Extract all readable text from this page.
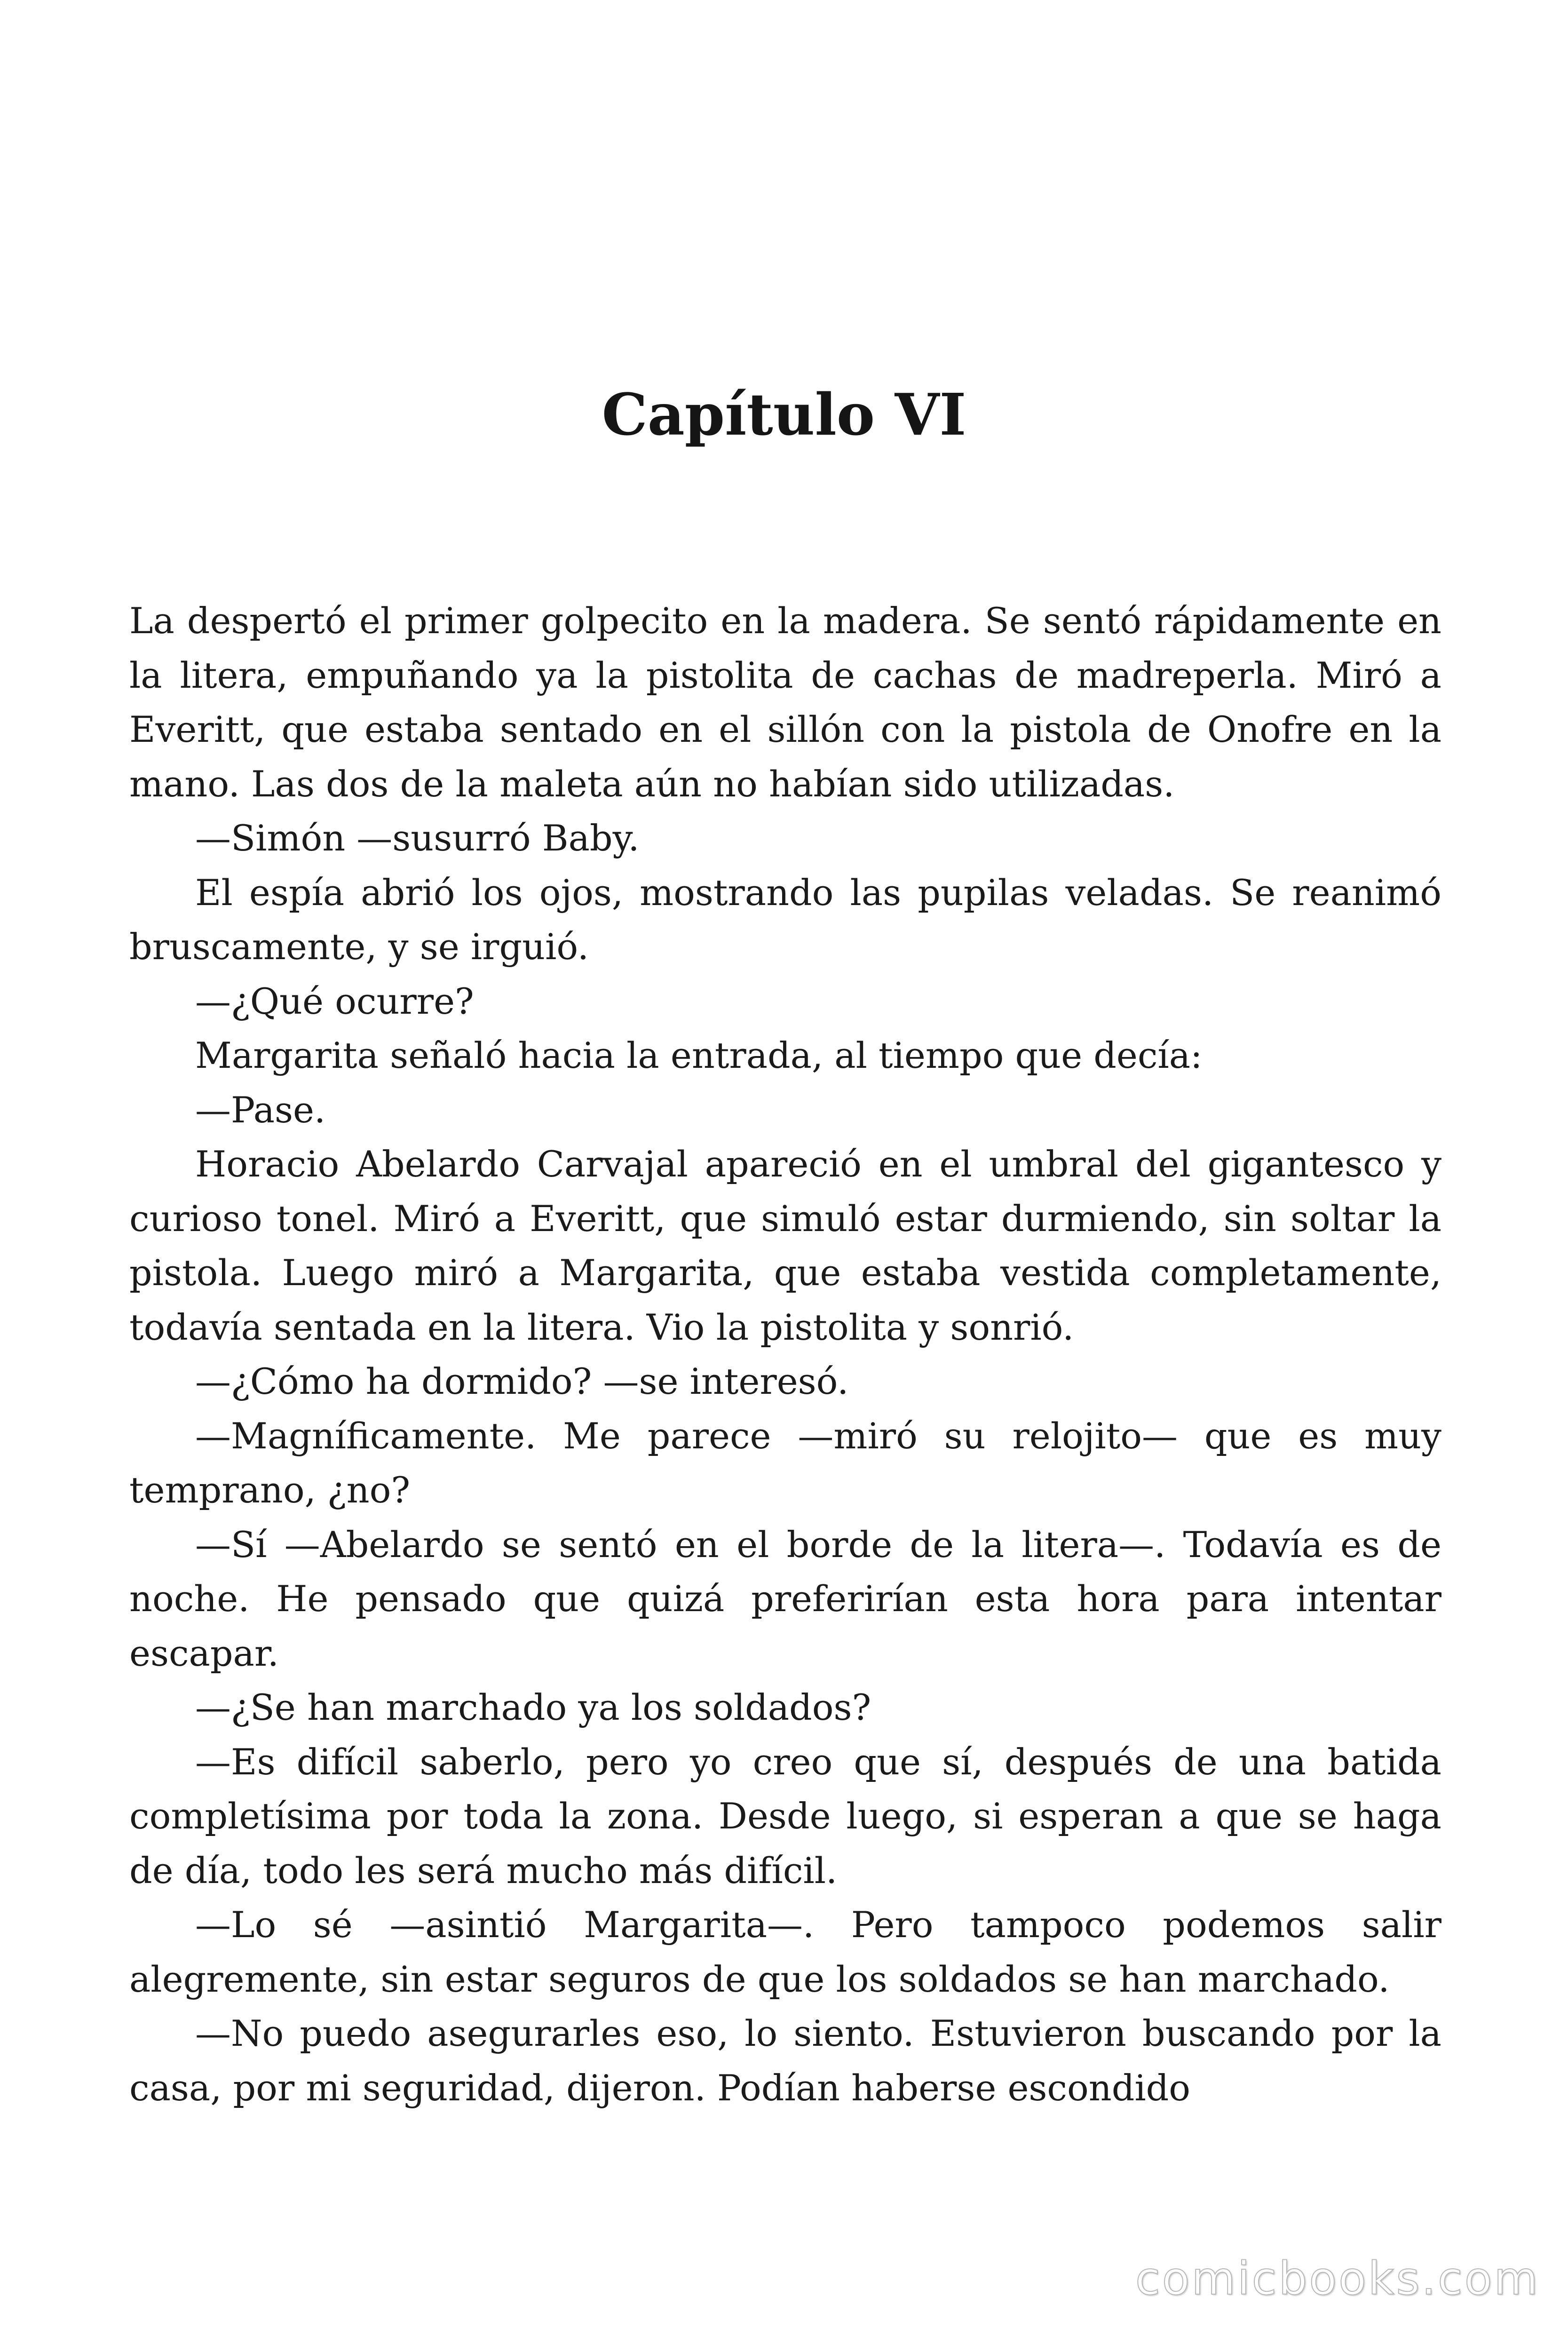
Capítulo VI

La despertó el primer golpecito en la madera. Se sentó rápidamente en la litera, empuñando ya la pistolita de cachas de madreperla. Miró a Everitt, que estaba sentado en el sillón con la pistola de Onofre en la mano. Las dos de la maleta aún no habían sido utilizadas.

—Simón —susurró Baby.

El espía abrió los ojos, mostrando las pupilas veladas. Se reanimó bruscamente, y se irguió.

—¿Qué ocurre?

Margarita señaló hacia la entrada, al tiempo que decía:

—Pase.

Horacio Abelardo Carvajal apareció en el umbral del gigantesco y curioso tonel. Miró a Everitt, que simuló estar durmiendo, sin soltar la pistola. Luego miró a Margarita, que estaba vestida completamente, todavía sentada en la litera. Vio la pistolita y sonrió.

—¿Cómo ha dormido? —se interesó.

—Magníficamente. Me parece —miró su relojito— que es muy temprano, ¿no?

—Sí —Abelardo se sentó en el borde de la litera—. Todavía es de noche. He pensado que quizá preferirían esta hora para intentar escapar.

—¿Se han marchado ya los soldados?

—Es difícil saberlo, pero yo creo que sí, después de una batida completísima por toda la zona. Desde luego, si esperan a que se haga de día, todo les será mucho más difícil.

—Lo sé —asintió Margarita—. Pero tampoco podemos salir alegremente, sin estar seguros de que los soldados se han marchado.

—No puedo asegurarles eso, lo siento. Estuvieron buscando por la casa, por mi seguridad, dijeron. Podían haberse escondido

comicbooks.com
